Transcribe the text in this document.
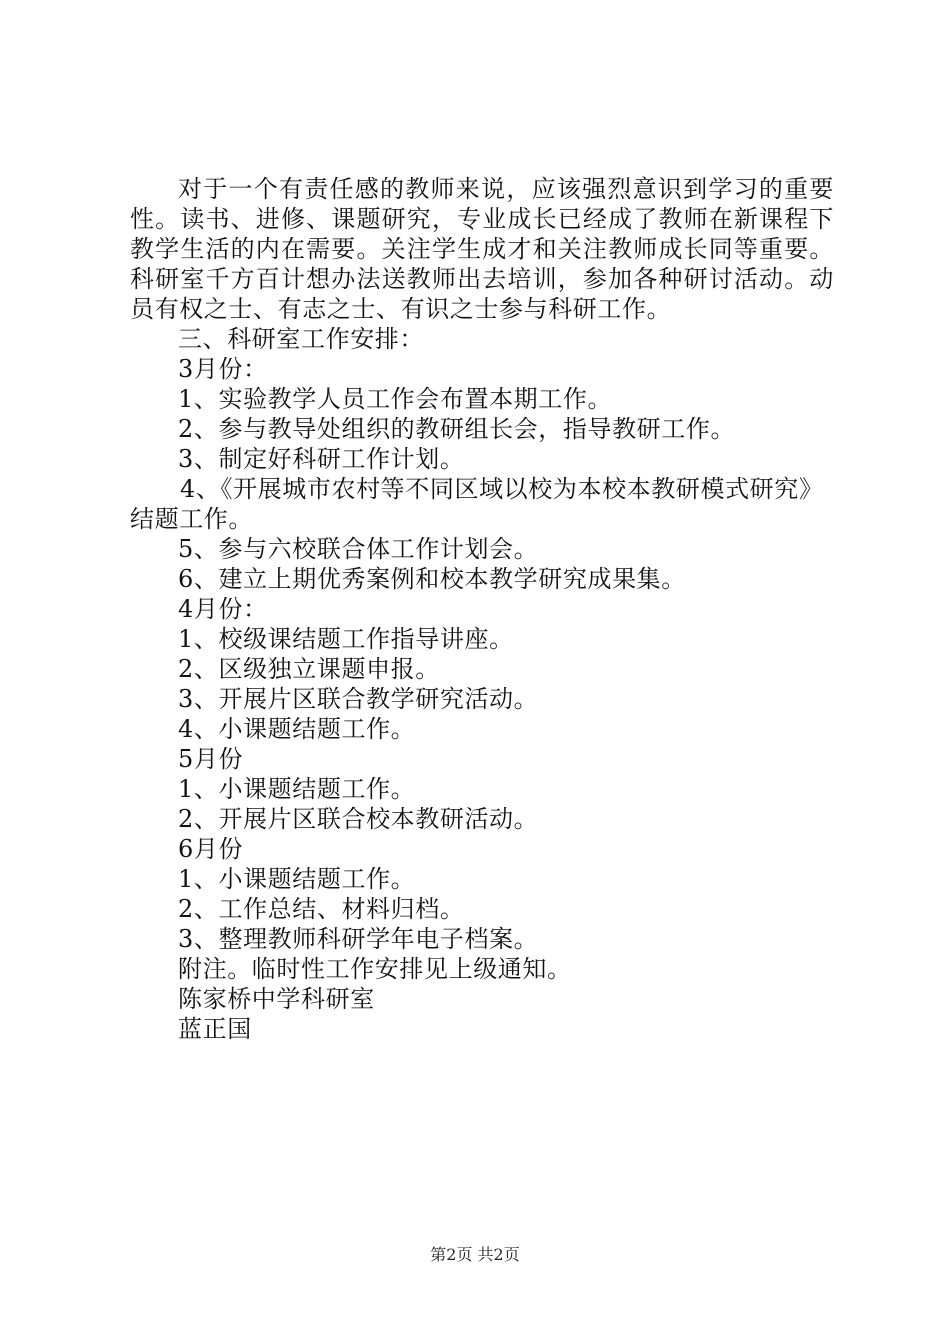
对于一个有责任感的教师来说，应该强烈意识到学习的重要性。读书、进修、课题研究，专业成长已经成了教师在新课程下教学生活的内在需要。关注学生成才和关注教师成长同等重要。科研室千方百计想办法送教师出去培训，参加各种研讨活动。动员有权之士、有志之士、有识之士参与科研工作。

三、科研室工作安排：

3月份：

1、实验教学人员工作会布置本期工作。

2、参与教导处组织的教研组长会，指导教研工作。

3、制定好科研工作计划。

4、《开展城市农村等不同区域以校为本校本教研模式研究》结题工作。

5、参与六校联合体工作计划会。

6、建立上期优秀案例和校本教学研究成果集。

4月份：

1、校级课结题工作指导讲座。

2、区级独立课题申报。

3、开展片区联合教学研究活动。

4、小课题结题工作。

5月份

1、小课题结题工作。

2、开展片区联合校本教研活动。

6月份

1、小课题结题工作。

2、工作总结、材料归档。

3、整理教师科研学年电子档案。

附注。临时性工作安排见上级通知。

陈家桥中学科研室

蓝正国

第2页 共2页
